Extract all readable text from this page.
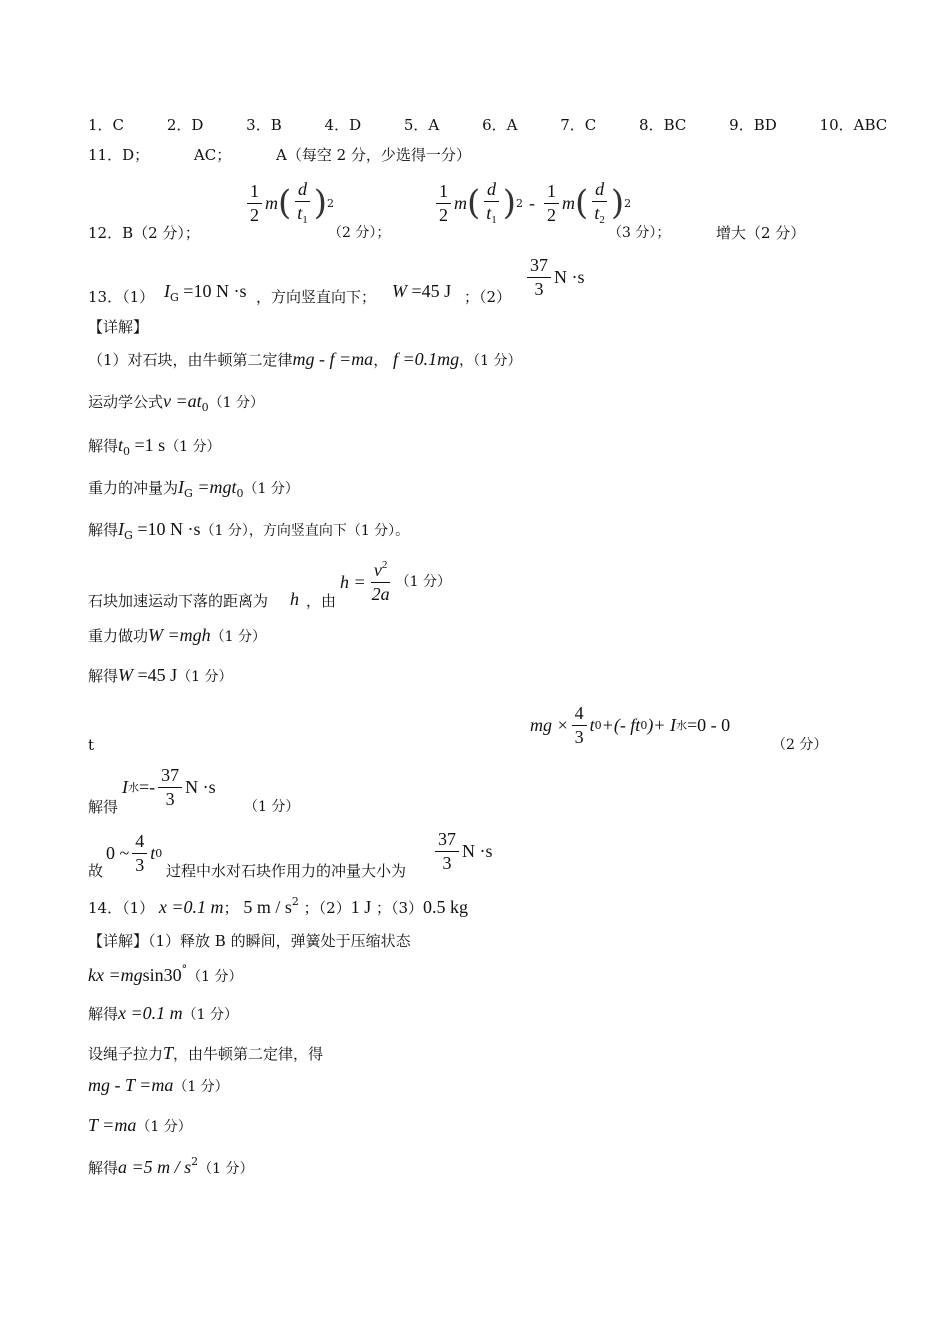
1．C	2．D	3．B	4．D	5．A	6．A	7．C	8．BC	9．BD	10．ABC
11．D；	AC；	A（每空 2 分，少选得一分）
12．B（2 分）；
$\frac{1}{2}$ m ( $\frac{d}{t_1}$ ) 2
（2 分）；
$\frac{1}{2}$ m ( $\frac{d}{t_1}$ ) $2 - \frac{1}{2}$ m ( $\frac{d}{t_2}$ ) 2
（3 分）；	增大（2 分）
13．（1） $I_G =10$ N ·s ，方向竖直向下； W =45 J ；$(2) \frac{37}{3}$ N ·s
【详解】
（1）对石块，由牛顿第二定律mg - f =ma， f =0.1mg，（1 分）
运动学公式$v =at_0(1$ 分）
解得$t_0 =1$ s（1 分）
重力的冲量为$I_G =mgt_0(1$ 分）
解得$I_G =10$ N ·s（1 分），方向竖直向下（1 分）。
石块加速运动下落的距离为 h ，由
$h = \frac{v^2}{2a} (1$ 分）
重力做功W =mgh（1 分）
解得W =45 J（1 分）
t
mg × $\frac{4}{3}$ t 0 +(- ft 0 )+ I 水 =0 - 0
（2 分）
解得
I 水 =- $\frac{37}{3}$ N ·s
（1 分）
故
0 ~ $\frac{4}{3}$ t 0
过程中水对石块作用力的冲量大小为 $\frac{37}{3}$ N ·s
14．（1） x =0.1 m； 5 m / $s^2$ ；（2）1 J ；（3）0.5 kg
【详解】（1）释放 B 的瞬间，弹簧处于压缩状态
kx =mgsin30°（1 分）
解得x =0.1 m（1 分）
设绳子拉力T，由牛顿第二定律，得
mg - T =ma（1 分）
T =ma（1 分）
解得a =5 m / $s^2(1$ 分）
